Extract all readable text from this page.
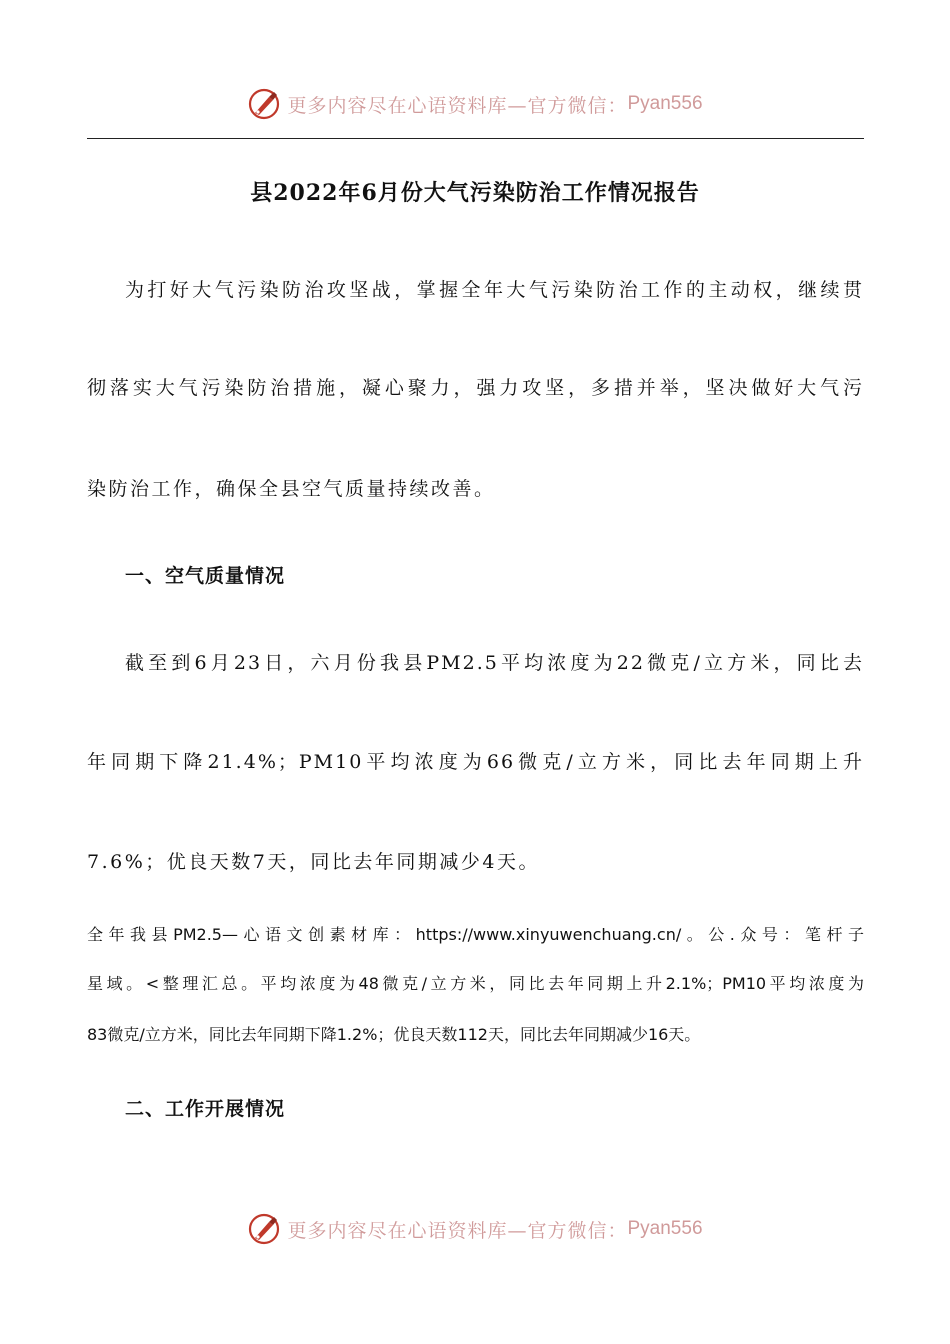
更多内容尽在心语资料库—官方微信： Pyan556
县2022年6月份大气污染防治工作情况报告
为打好大气污染防治攻坚战，掌握全年大气污染防治工作的主动权，继续贯
彻落实大气污染防治措施，凝心聚力，强力攻坚，多措并举，坚决做好大气污
染防治工作，确保全县空气质量持续改善。
一、空气质量情况
截至到6月23日，六月份我县PM2.5平均浓度为22微克/立方米，同比去
年同期下降21.4%；PM10平均浓度为66微克/立方米，同比去年同期上升
7.6%；优良天数7天，同比去年同期减少4天。
全年我县PM2.5—心语文创素材库：https://www.xinyuwenchuang.cn/。公.众号：笔杆子
星域。<整理汇总。平均浓度为48微克/立方米，同比去年同期上升2.1%；PM10平均浓度为
83微克/立方米，同比去年同期下降1.2%；优良天数112天，同比去年同期减少16天。
二、工作开展情况
更多内容尽在心语资料库—官方微信： Pyan556
